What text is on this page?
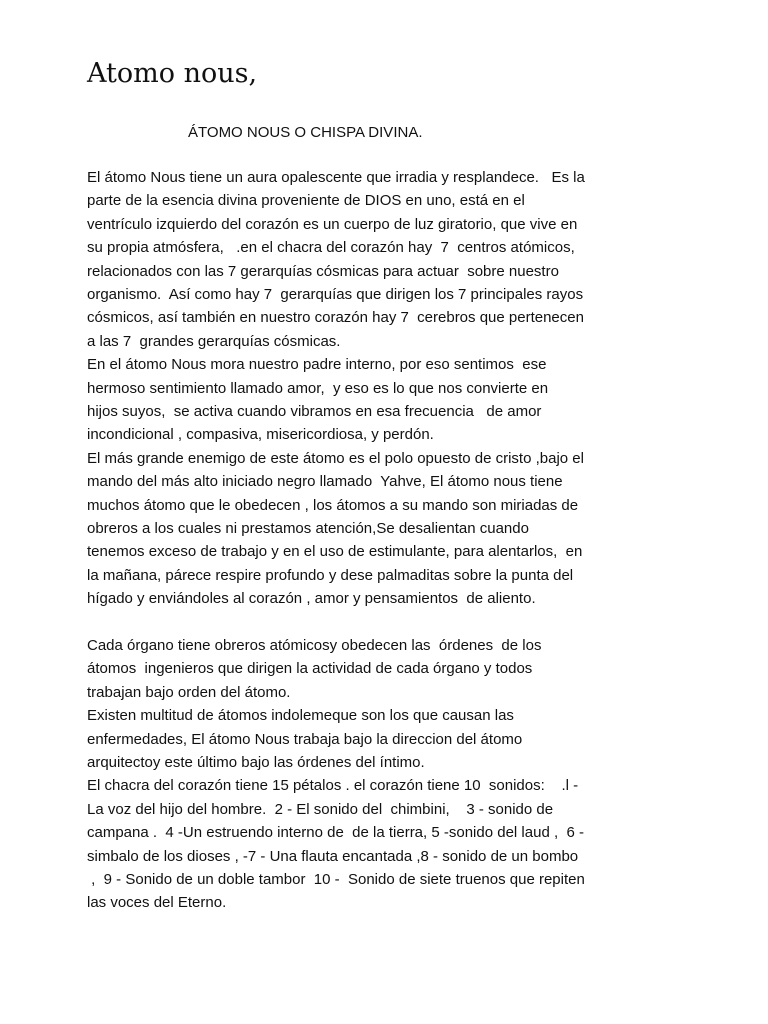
Atomo nous,

ÁTOMO NOUS O CHISPA DIVINA.

El átomo Nous tiene un aura opalescente que irradia y resplandece.   Es la

parte de la esencia divina proveniente de DIOS en uno, está en el

ventrículo izquierdo del corazón es un cuerpo de luz giratorio, que vive en

su propia atmósfera,   .en el chacra del corazón hay  7  centros atómicos,

relacionados con las 7 gerarquías cósmicas para actuar  sobre nuestro

organismo.  Así como hay 7  gerarquías que dirigen los 7 principales rayos

cósmicos, así también en nuestro corazón hay 7  cerebros que pertenecen

a las 7  grandes gerarquías cósmicas.

En el átomo Nous mora nuestro padre interno, por eso sentimos  ese

hermoso sentimiento llamado amor,  y eso es lo que nos convierte en

hijos suyos,  se activa cuando vibramos en esa frecuencia   de amor

incondicional , compasiva, misericordiosa, y perdón.

El más grande enemigo de este átomo es el polo opuesto de cristo ,bajo el

mando del más alto iniciado negro llamado  Yahve, El átomo nous tiene

muchos átomo que le obedecen , los átomos a su mando son miriadas de

obreros a los cuales ni prestamos atención,Se desalientan cuando

tenemos exceso de trabajo y en el uso de estimulante, para alentarlos,  en

la mañana, párece respire profundo y dese palmaditas sobre la punta del

hígado y enviándoles al corazón , amor y pensamientos  de aliento.

Cada órgano tiene obreros atómicosy obedecen las  órdenes  de los

átomos  ingenieros que dirigen la actividad de cada órgano y todos

trabajan bajo orden del átomo.

Existen multitud de átomos indolemeque son los que causan las

enfermedades, El átomo Nous trabaja bajo la direccion del átomo

arquitectoy este último bajo las órdenes del íntimo.

El chacra del corazón tiene 15 pétalos . el corazón tiene 10  sonidos:    .l -

La voz del hijo del hombre.  2 - El sonido del  chimbini,    3 - sonido de

campana .  4 -Un estruendo interno de  de la tierra, 5 -sonido del laud ,  6 -

simbalo de los dioses , -7 - Una flauta encantada ,8 - sonido de un bombo

,  9 - Sonido de un doble tambor  10 -  Sonido de siete truenos que repiten

las voces del Eterno.
